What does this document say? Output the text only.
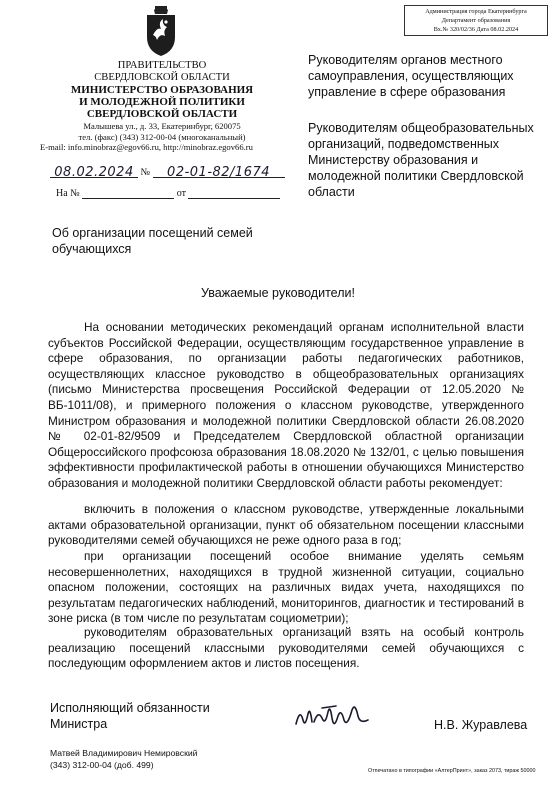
Администрация города Екатеринбурга
Департамент образования
Вх.№ 320/02/36 Дата 08.02.2024
ПРАВИТЕЛЬСТВО
СВЕРДЛОВСКОЙ ОБЛАСТИ
МИНИСТЕРСТВО ОБРАЗОВАНИЯ
И МОЛОДЕЖНОЙ ПОЛИТИКИ
СВЕРДЛОВСКОЙ ОБЛАСТИ
Малышева ул., д. 33, Екатеринбург, 620075
тел. (факс) (343) 312-00-04 (многоканальный)
E-mail: info.minobraz@egov66.ru, http://minobraz.egov66.ru
08.02.2024 № 02-01-82/1674
На №	от
Руководителям органов местного самоуправления, осуществляющих управление в сфере образования
Руководителям общеобразовательных организаций, подведомственных Министерству образования и молодежной политики Свердловской области
Об организации посещений семей обучающихся
Уважаемые руководители!

На основании методических рекомендаций органам исполнительной власти субъектов Российской Федерации, осуществляющим государственное управление в сфере образования, по организации работы педагогических работников, осуществляющих классное руководство в общеобразовательных организациях (письмо Министерства просвещения Российской Федерации от 12.05.2020 № ВБ-1011/08), и примерного положения о классном руководстве, утвержденного Министром образования и молодежной политики Свердловской области 26.08.2020 № 02-01-82/9509 и Председателем Свердловской областной организации Общероссийского профсоюза образования 18.08.2020 № 132/01, с целью повышения эффективности профилактической работы в отношении обучающихся Министерство образования и молодежной политики Свердловской области работы рекомендует:

включить в положения о классном руководстве, утвержденные локальными актами образовательной организации, пункт об обязательном посещении классными руководителями семей обучающихся не реже одного раза в год;

при организации посещений особое внимание уделять семьям несовершеннолетних, находящихся в трудной жизненной ситуации, социально опасном положении, состоящих на различных видах учета, находящихся по результатам педагогических наблюдений, мониторингов, диагностик и тестирований в зоне риска (в том числе по результатам социометрии);

руководителям образовательных организаций взять на особый контроль реализацию посещений классными руководителями семей обучающихся с последующим оформлением актов и листов посещения.

Исполняющий обязанности
Министра	Н.В. Журавлева
Матвей Владимирович Немировский
(343) 312-00-04 (доб. 499)
Отпечатано в типографии «АлтерПринт», заказ 2073, тираж 50000
